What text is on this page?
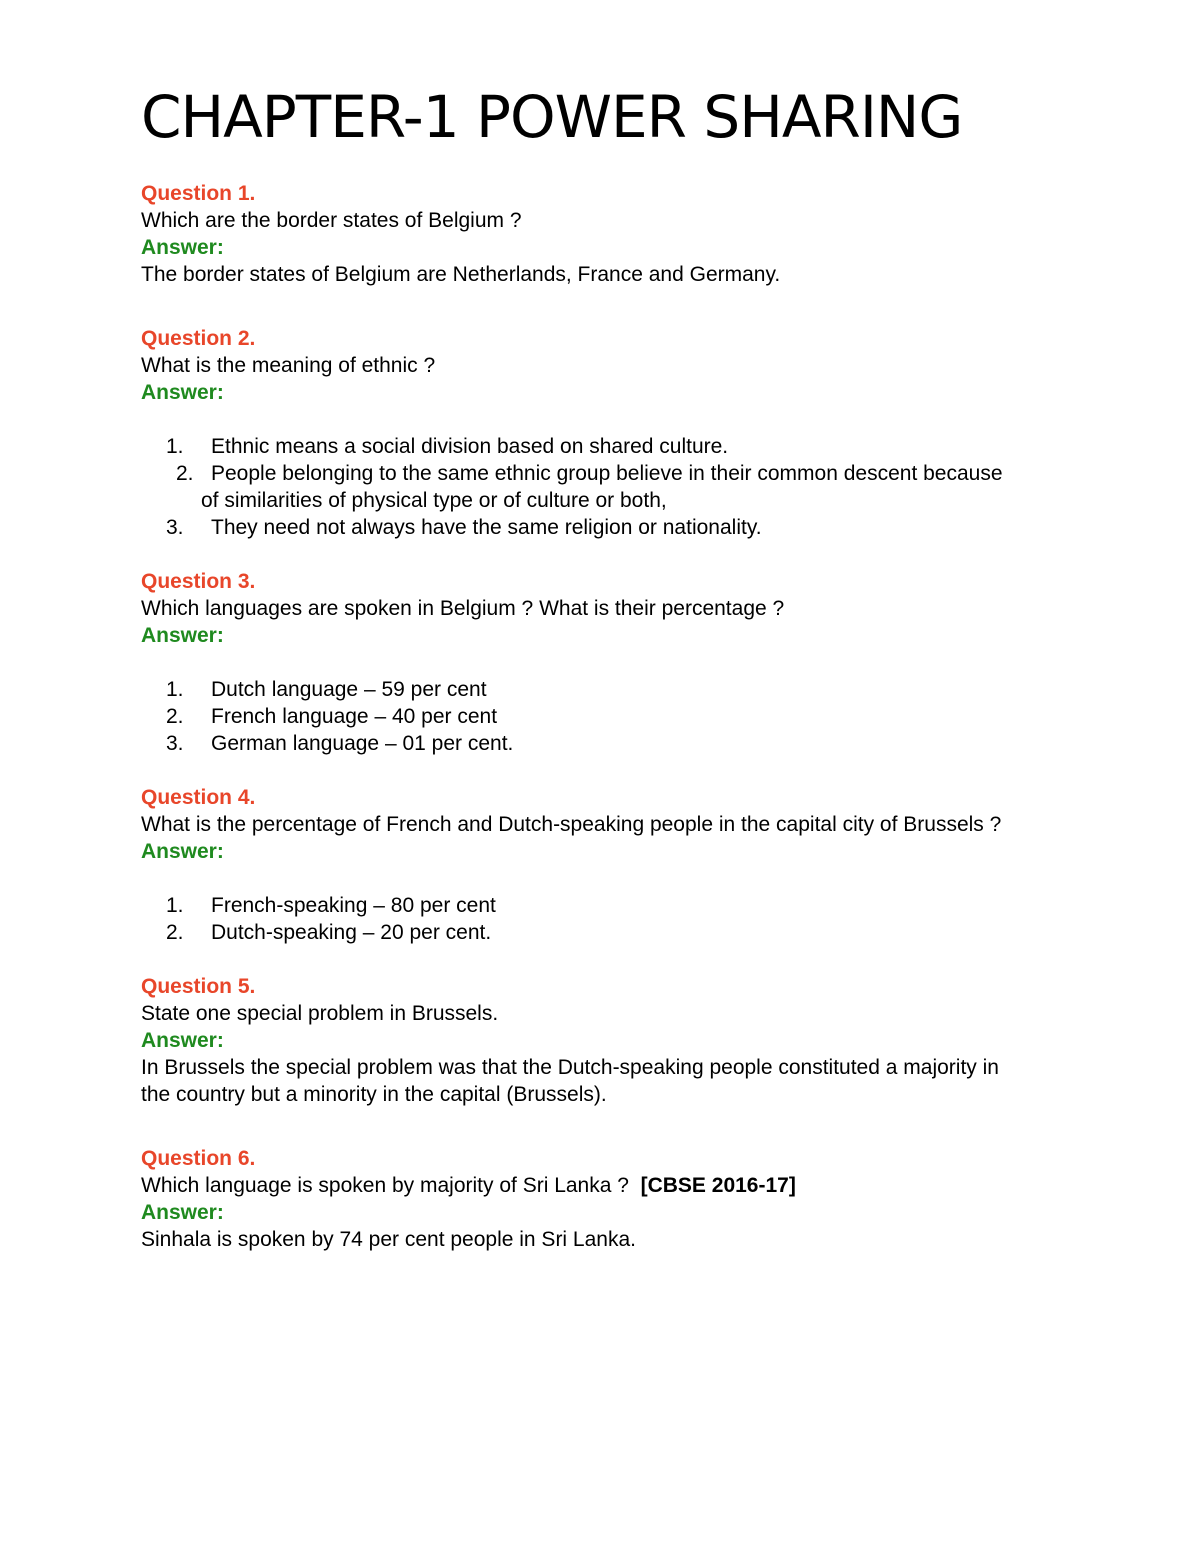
CHAPTER-1 POWER SHARING
Question 1.
Which are the border states of Belgium ?
Answer:
The border states of Belgium are Netherlands, France and Germany.
Question 2.
What is the meaning of ethnic ?
Answer:
1. Ethnic means a social division based on shared culture.
2. People belonging to the same ethnic group believe in their common descent because of similarities of physical type or of culture or both,
3. They need not always have the same religion or nationality.
Question 3.
Which languages are spoken in Belgium ? What is their percentage ?
Answer:
1. Dutch language – 59 per cent
2. French language – 40 per cent
3. German language – 01 per cent.
Question 4.
What is the percentage of French and Dutch-speaking people in the capital city of Brussels ?
Answer:
1. French-speaking – 80 per cent
2. Dutch-speaking – 20 per cent.
Question 5.
State one special problem in Brussels.
Answer:
In Brussels the special problem was that the Dutch-speaking people constituted a majority in the country but a minority in the capital (Brussels).
Question 6.
Which language is spoken by majority of Sri Lanka ? [CBSE 2016-17]
Answer:
Sinhala is spoken by 74 per cent people in Sri Lanka.
